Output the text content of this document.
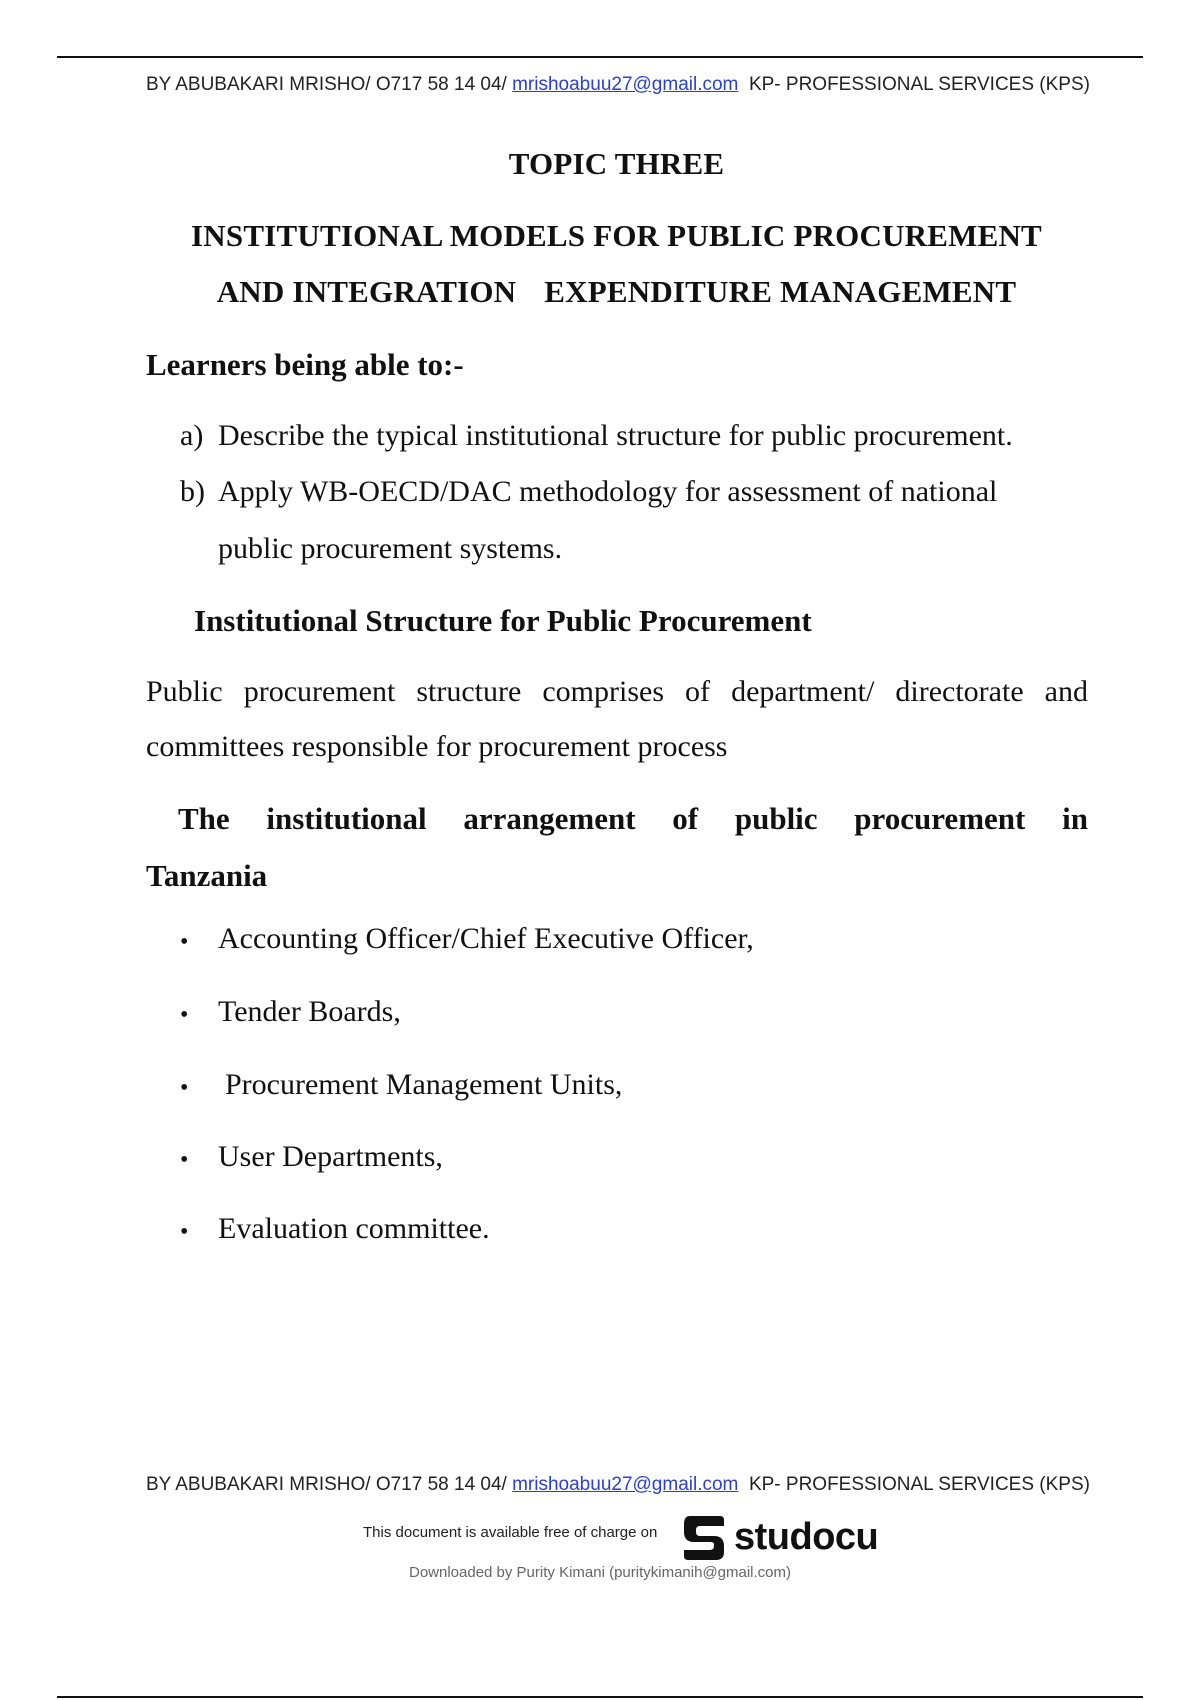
BY ABUBAKARI MRISHO/ O717 58 14 04/ mrishoabuu27@gmail.com  KP- PROFESSIONAL SERVICES (KPS)
TOPIC THREE
INSTITUTIONAL MODELS FOR PUBLIC PROCUREMENT
AND INTEGRATION EXPENDITURE MANAGEMENT
Learners being able to:-
a) Describe the typical institutional structure for public procurement.
b) Apply WB-OECD/DAC methodology for assessment of national public procurement systems.
Institutional Structure for Public Procurement
Public procurement structure comprises of department/ directorate and committees responsible for procurement process
The institutional arrangement of public procurement in
Tanzania
• Accounting Officer/Chief Executive Officer,
• Tender Boards,
•	Procurement Management Units,
• User Departments,
• Evaluation committee.
BY ABUBAKARI MRISHO/ O717 58 14 04/ mrishoabuu27@gmail.com  KP- PROFESSIONAL SERVICES (KPS)
This document is available free of charge on studocu
Downloaded by Purity Kimani (puritykimanih@gmail.com)
